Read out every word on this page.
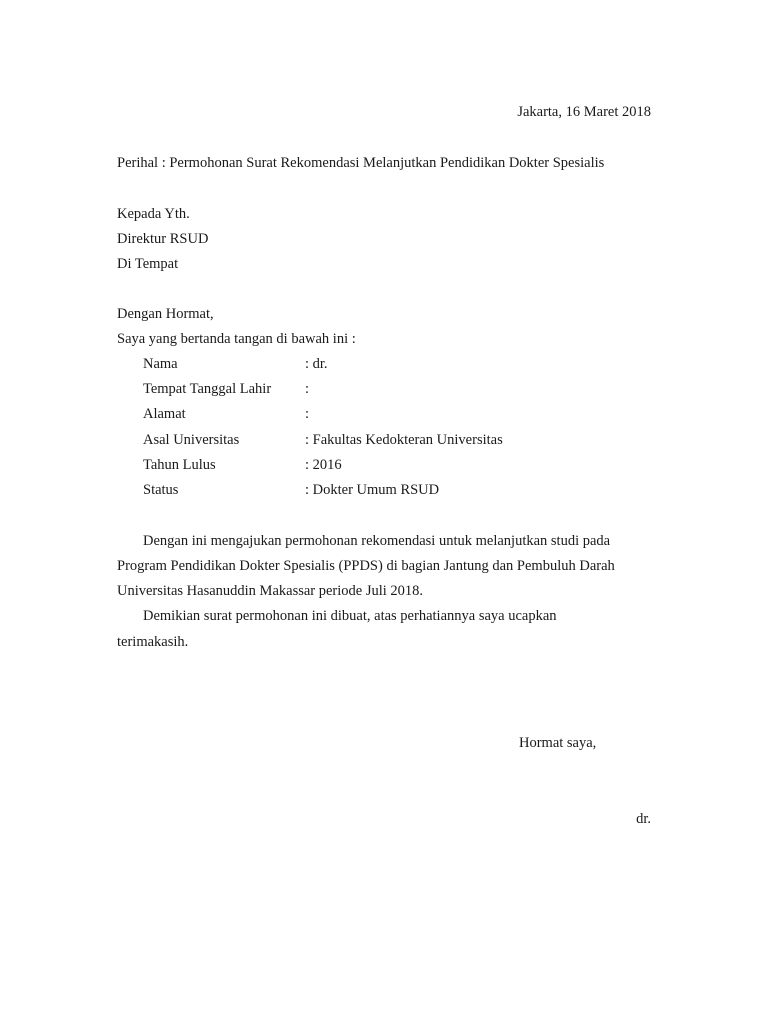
Jakarta, 16 Maret 2018
Perihal : Permohonan Surat Rekomendasi Melanjutkan Pendidikan Dokter Spesialis
Kepada Yth.
Direktur RSUD
Di Tempat
Dengan Hormat,
Saya yang bertanda tangan di bawah ini :
Nama	: dr.
Tempat Tanggal Lahir :
Alamat	:
Asal Universitas	: Fakultas Kedokteran Universitas
Tahun Lulus	: 2016
Status	: Dokter Umum RSUD
Dengan ini mengajukan permohonan rekomendasi untuk melanjutkan studi pada
Program Pendidikan Dokter Spesialis (PPDS) di bagian Jantung dan Pembuluh Darah
Universitas Hasanuddin Makassar periode Juli 2018.
Demikian surat permohonan ini dibuat, atas perhatiannya saya ucapkan
terimakasih.
Hormat saya,
dr.
